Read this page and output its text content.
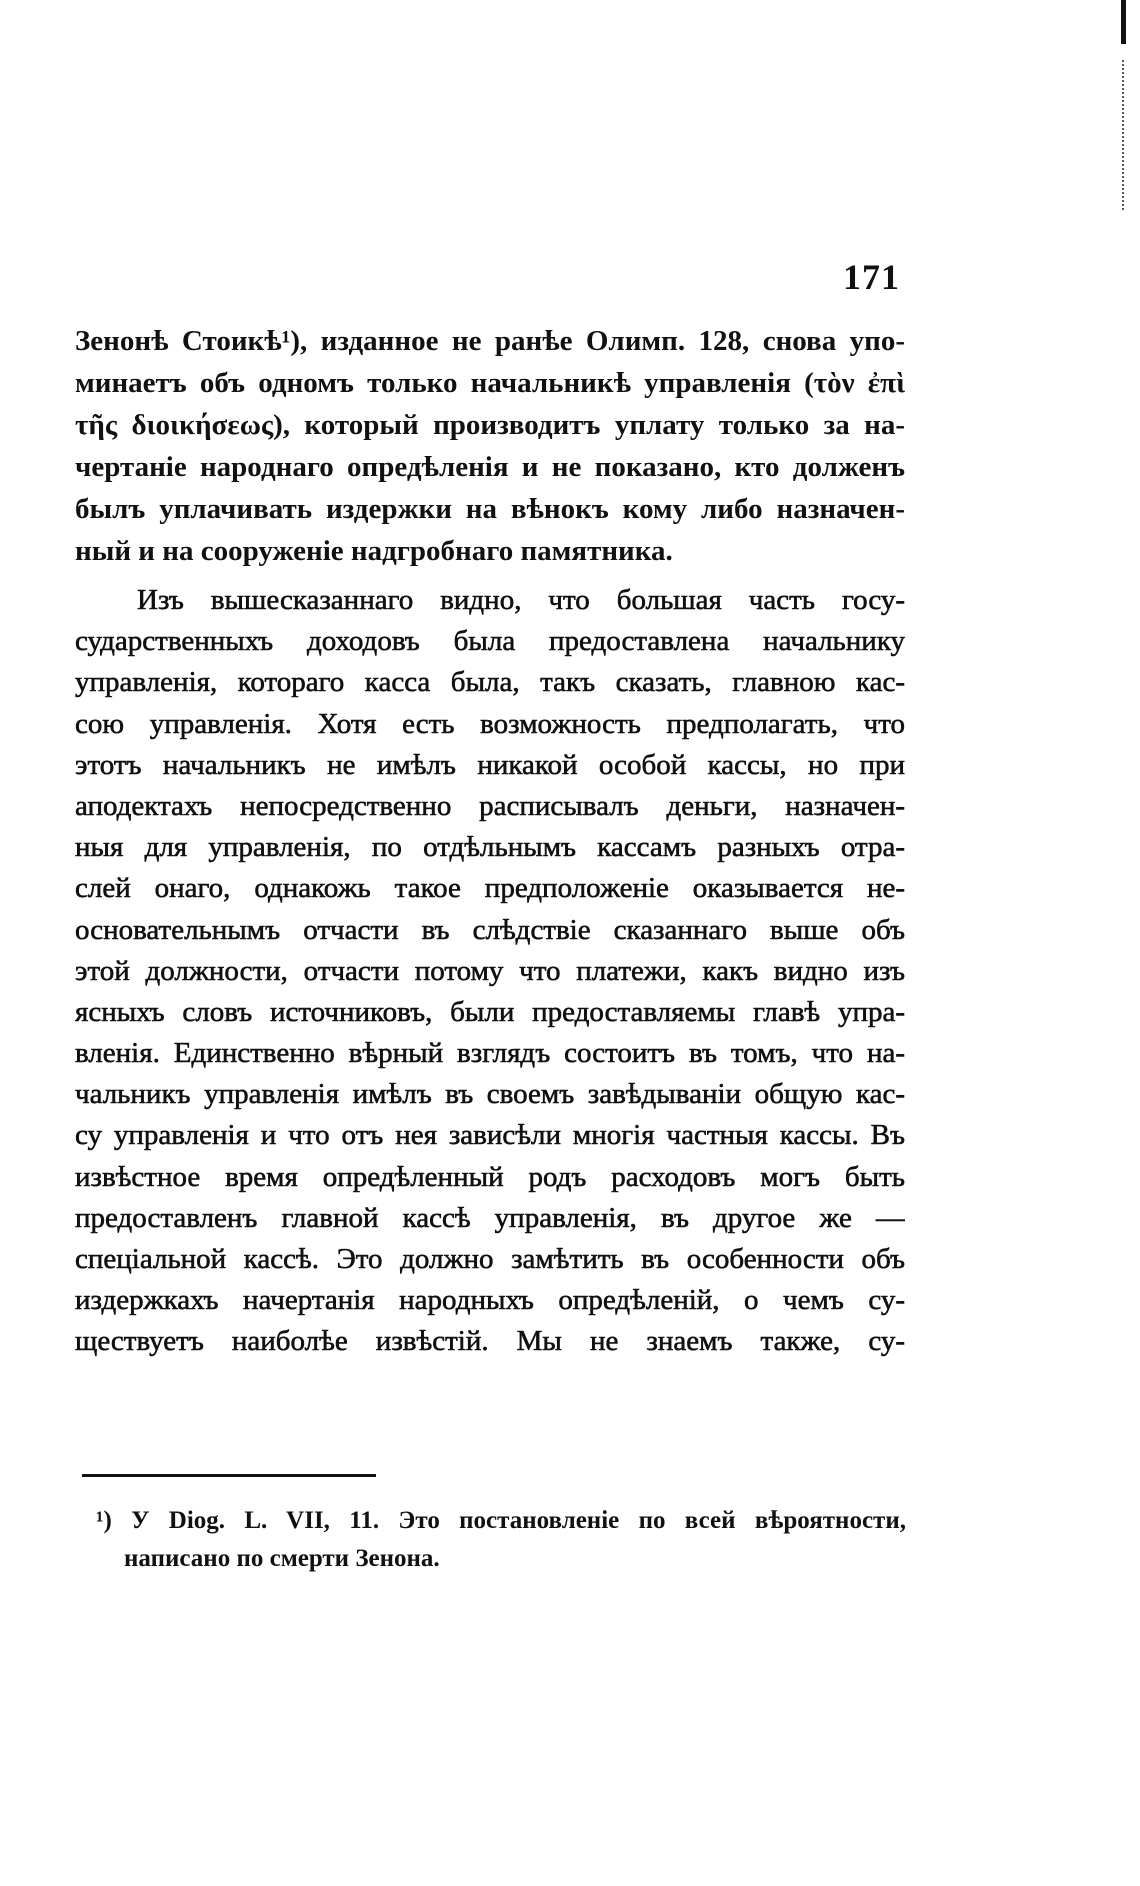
171
Зенонѣ Стоикѣ¹), изданное не ранѣе Олимп. 128, снова упо-
минаетъ объ одномъ только начальникѣ управленія (τὸν ἐπὶ
τῆς διοικήσεως), который производитъ уплату только за на-
чертаніе народнаго опредѣленія и не показано, кто долженъ
былъ уплачивать издержки на вѣнокъ кому либо назначен-
ный и на сооруженіе надгробнаго памятника.
Изъ вышесказаннаго видно, что большая часть госу-
сударственныхъ доходовъ была предоставлена начальнику
управленія, котораго касса была, такъ сказать, главною кас-
сою управленія. Хотя есть возможность предполагать, что
этотъ начальникъ не имѣлъ никакой особой кассы, но при
аподектахъ непосредственно расписывалъ деньги, назначен-
ныя для управленія, по отдѣльнымъ кассамъ разныхъ отра-
слей онаго, однакожь такое предположеніе оказывается не-
основательнымъ отчасти въ слѣдствіе сказаннаго выше объ
этой должности, отчасти потому что платежи, какъ видно изъ
ясныхъ словъ источниковъ, были предоставляемы главѣ упра-
вленія. Единственно вѣрный взглядъ состоитъ въ томъ, что на-
чальникъ управленія имѣлъ въ своемъ завѣдываніи общую кас-
су управленія и что отъ нея зависѣли многія частныя кассы. Въ
извѣстное время опредѣленный родъ расходовъ могъ быть
предоставленъ главной кассѣ управленія, въ другое же —
спеціальной кассѣ. Это должно замѣтить въ особенности объ
издержкахъ начертанія народныхъ опредѣленій, о чемъ су-
ществуетъ наиболѣе извѣстій. Мы не знаемъ также, су-
¹) У Diog. L. VII, 11. Это постановленіе по всей вѣроятности,
написано по смерти Зенона.
